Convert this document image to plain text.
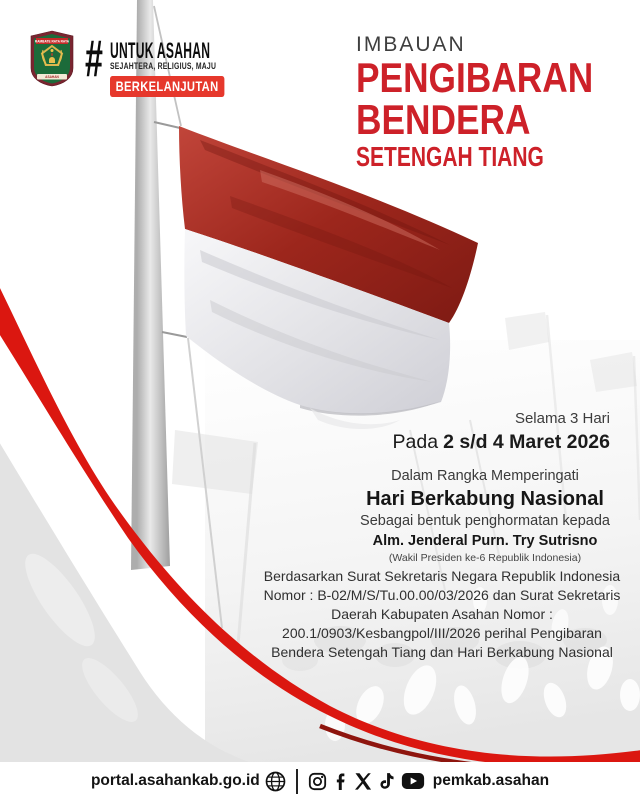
RAMBATE RATA RAYA
ASAHAN # UNTUK ASAHAN
SEJAHTERA, RELIGIUS, MAJU
BERKELANJUTAN
IMBAUAN
PENGIBARAN
BENDERA
SETENGAH TIANG
Selama 3 Hari
Pada 2 s/d 4 Maret 2026
Dalam Rangka Memperingati
Hari Berkabung Nasional
Sebagai bentuk penghormatan kepada
Alm. Jenderal Purn. Try Sutrisno
(Wakil Presiden ke-6 Republik Indonesia)
Berdasarkan Surat Sekretaris Negara Republik Indonesia Nomor : B-02/M/S/Tu.00.00/03/2026 dan Surat Sekretaris Daerah Kabupaten Asahan Nomor : 200.1/0903/Kesbangpol/III/2026 perihal Pengibaran Bendera Setengah Tiang dan Hari Berkabung Nasional
portal.asahankab.go.id	pemkab.asahan
